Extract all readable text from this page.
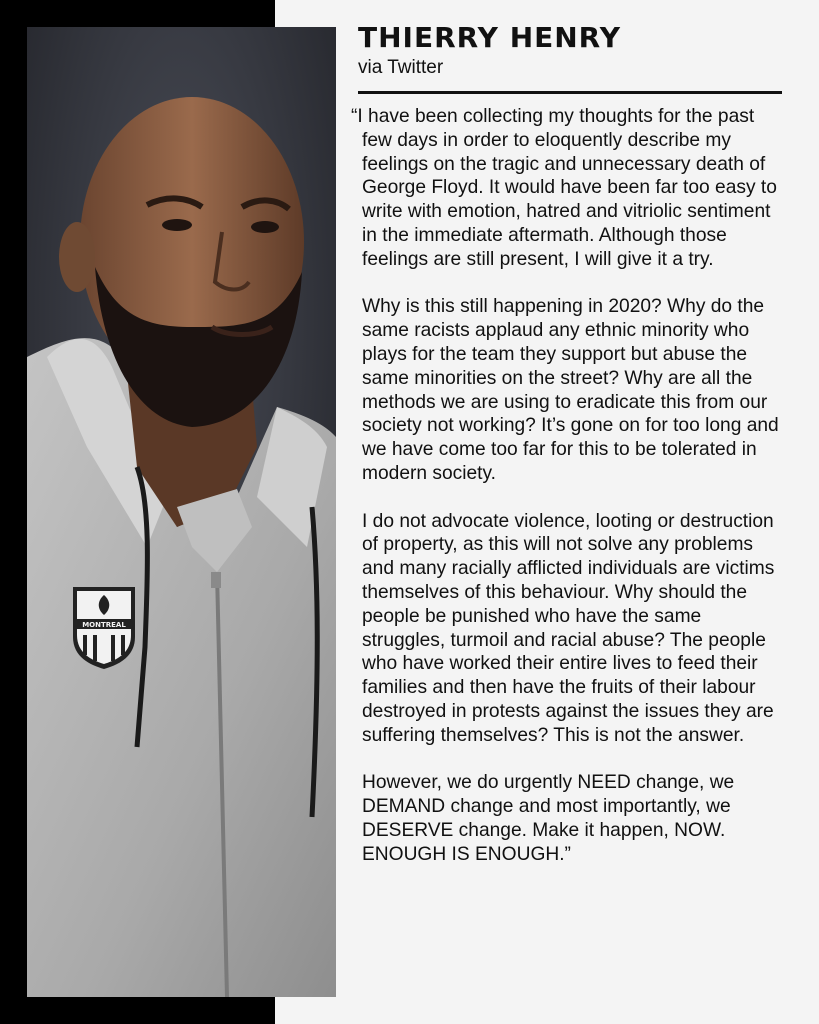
MONTREAL
THIERRY HENRY
via Twitter

“I have been collecting my thoughts for the past few days in order to eloquently describe my feelings on the tragic and unnecessary death of George Floyd. It would have been far too easy to write with emotion, hatred and vitriolic sentiment in the immediate aftermath. Although those feelings are still present, I will give it a try.

Why is this still happening in 2020? Why do the same racists applaud any ethnic minority who plays for the team they support but abuse the same minorities on the street? Why are all the methods we are using to eradicate this from our society not working? It’s gone on for too long and we have come too far for this to be tolerated in modern society.

I do not advocate violence, looting or destruction of property, as this will not solve any problems and many racially afflicted individuals are victims themselves of this behaviour. Why should the people be punished who have the same struggles, turmoil and racial abuse? The people who have worked their entire lives to feed their families and then have the fruits of their labour destroyed in protests against the issues they are suffering themselves? This is not the answer.

However, we do urgently NEED change, we DEMAND change and most importantly, we DESERVE change. Make it happen, NOW. ENOUGH IS ENOUGH.”
